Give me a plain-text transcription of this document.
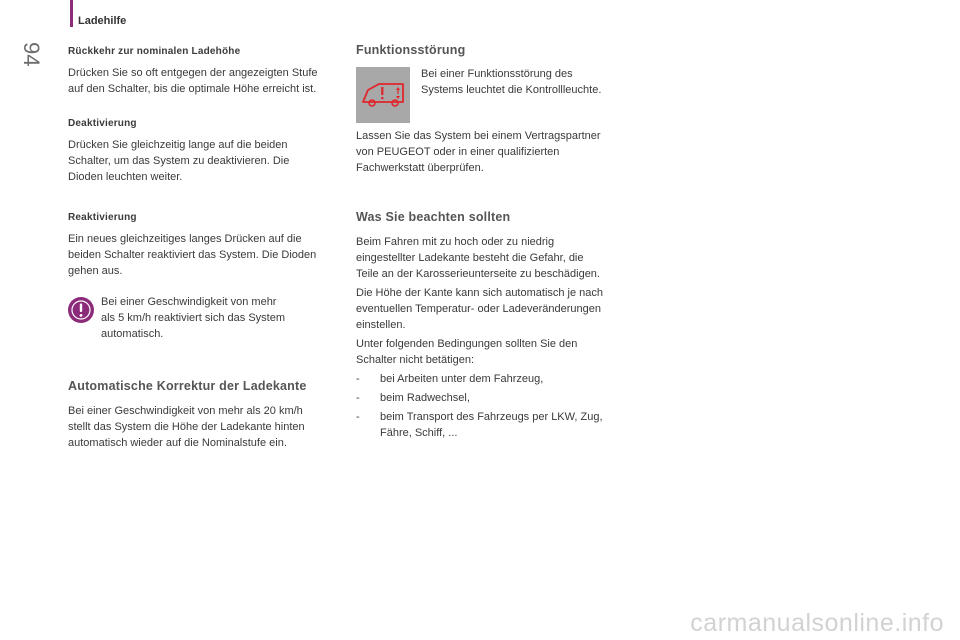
94
Ladehilfe

Rückkehr zur nominalen Ladehöhe

Drücken Sie so oft entgegen der angezeigten Stufe

auf den Schalter, bis die optimale Höhe erreicht ist.

Deaktivierung

Drücken Sie gleichzeitig lange auf die beiden

Schalter, um das System zu deaktivieren. Die

Dioden leuchten weiter.

Reaktivierung

Ein neues gleichzeitiges langes Drücken auf die

beiden Schalter reaktiviert das System. Die Dioden

gehen aus.

Bei einer Geschwindigkeit von mehr

als 5 km/h reaktiviert sich das System

automatisch.

Automatische Korrektur der Ladekante

Bei einer Geschwindigkeit von mehr als 20 km/h

stellt das System die Höhe der Ladekante hinten

automatisch wieder auf die Nominalstufe ein.

Funktionsstörung

Bei einer Funktionsstörung des

Systems leuchtet die Kontrollleuchte.

Lassen Sie das System bei einem Vertragspartner

von PEUGEOT oder in einer qualifizierten

Fachwerkstatt überprüfen.

Was Sie beachten sollten

Beim Fahren mit zu hoch oder zu niedrig

eingestellter Ladekante besteht die Gefahr, die

Teile an der Karosserieunterseite zu beschädigen.

Die Höhe der Kante kann sich automatisch je nach

eventuellen Temperatur- oder Ladeveränderungen

einstellen.

Unter folgenden Bedingungen sollten Sie den

Schalter nicht betätigen:

-	bei Arbeiten unter dem Fahrzeug,
-	beim Radwechsel,
-	beim Transport des Fahrzeugs per LKW, Zug,
Fähre, Schiff, ...
carmanualsonline.info
